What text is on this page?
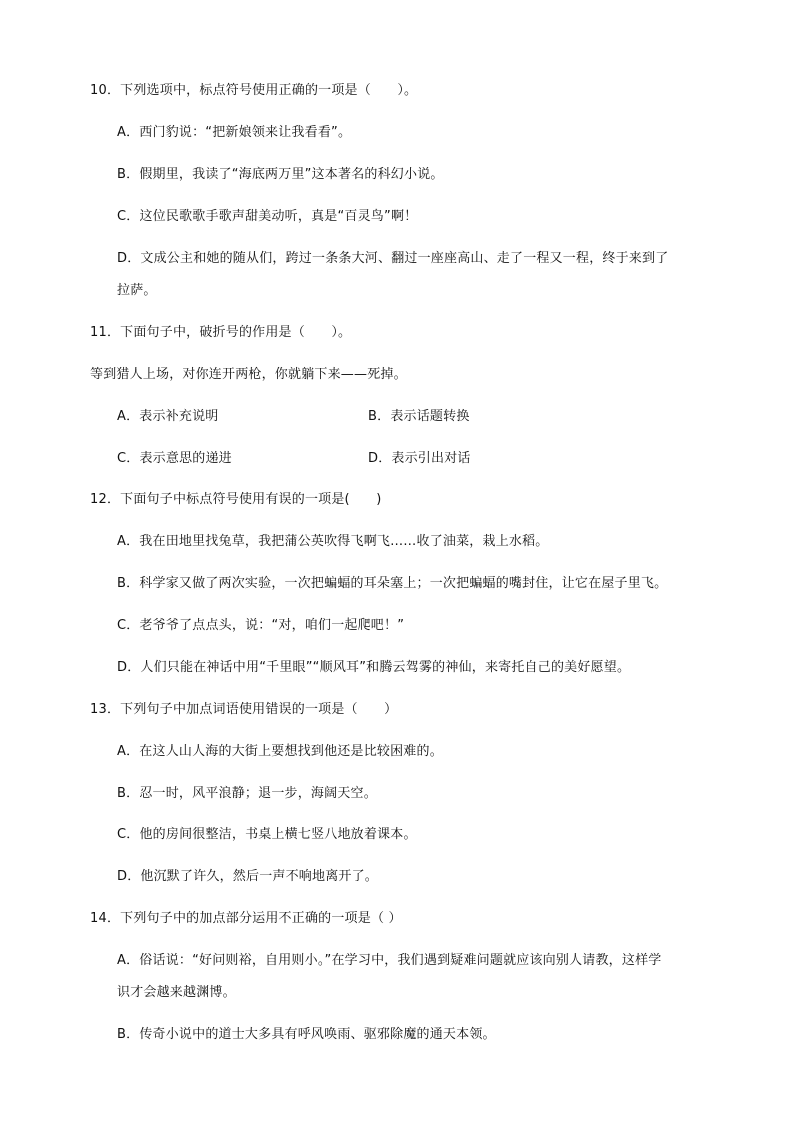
10．下列选项中，标点符号使用正确的一项是（　　）。
A．西门豹说：“把新娘领来让我看看”。
B．假期里，我读了“海底两万里”这本著名的科幻小说。
C．这位民歌歌手歌声甜美动听，真是“百灵鸟”啊！
D．文成公主和她的随从们，跨过一条条大河、翻过一座座高山、走了一程又一程，终于来到了
拉萨。
11．下面句子中，破折号的作用是（　　）。
等到猎人上场，对你连开两枪，你就躺下来——死掉。
A．表示补充说明	B．表示话题转换
C．表示意思的递进	D．表示引出对话
12．下面句子中标点符号使用有误的一项是(　　)
A．我在田地里找兔草，我把蒲公英吹得飞啊飞……收了油菜，栽上水稻。
B．科学家又做了两次实验，一次把蝙蝠的耳朵塞上；一次把蝙蝠的嘴封住，让它在屋子里飞。
C．老爷爷了点点头，说：“对，咱们一起爬吧！”
D．人们只能在神话中用“千里眼”“顺风耳”和腾云驾雾的神仙，来寄托自己的美好愿望。
13．下列句子中加点词语使用错误的一项是（　　）
A．在这人山人海的大街上要想找到他还是比较困难的。
B．忍一时，风平浪静；退一步，海阔天空。
C．他的房间很整洁，书桌上横七竖八地放着课本。
D．他沉默了许久，然后一声不响地离开了。
14．下列句子中的加点部分运用不正确的一项是（ ）
A．俗话说：“好问则裕，自用则小。”在学习中，我们遇到疑难问题就应该向别人请教，这样学
识才会越来越渊博。
B．传奇小说中的道士大多具有呼风唤雨、驱邪除魔的通天本领。
